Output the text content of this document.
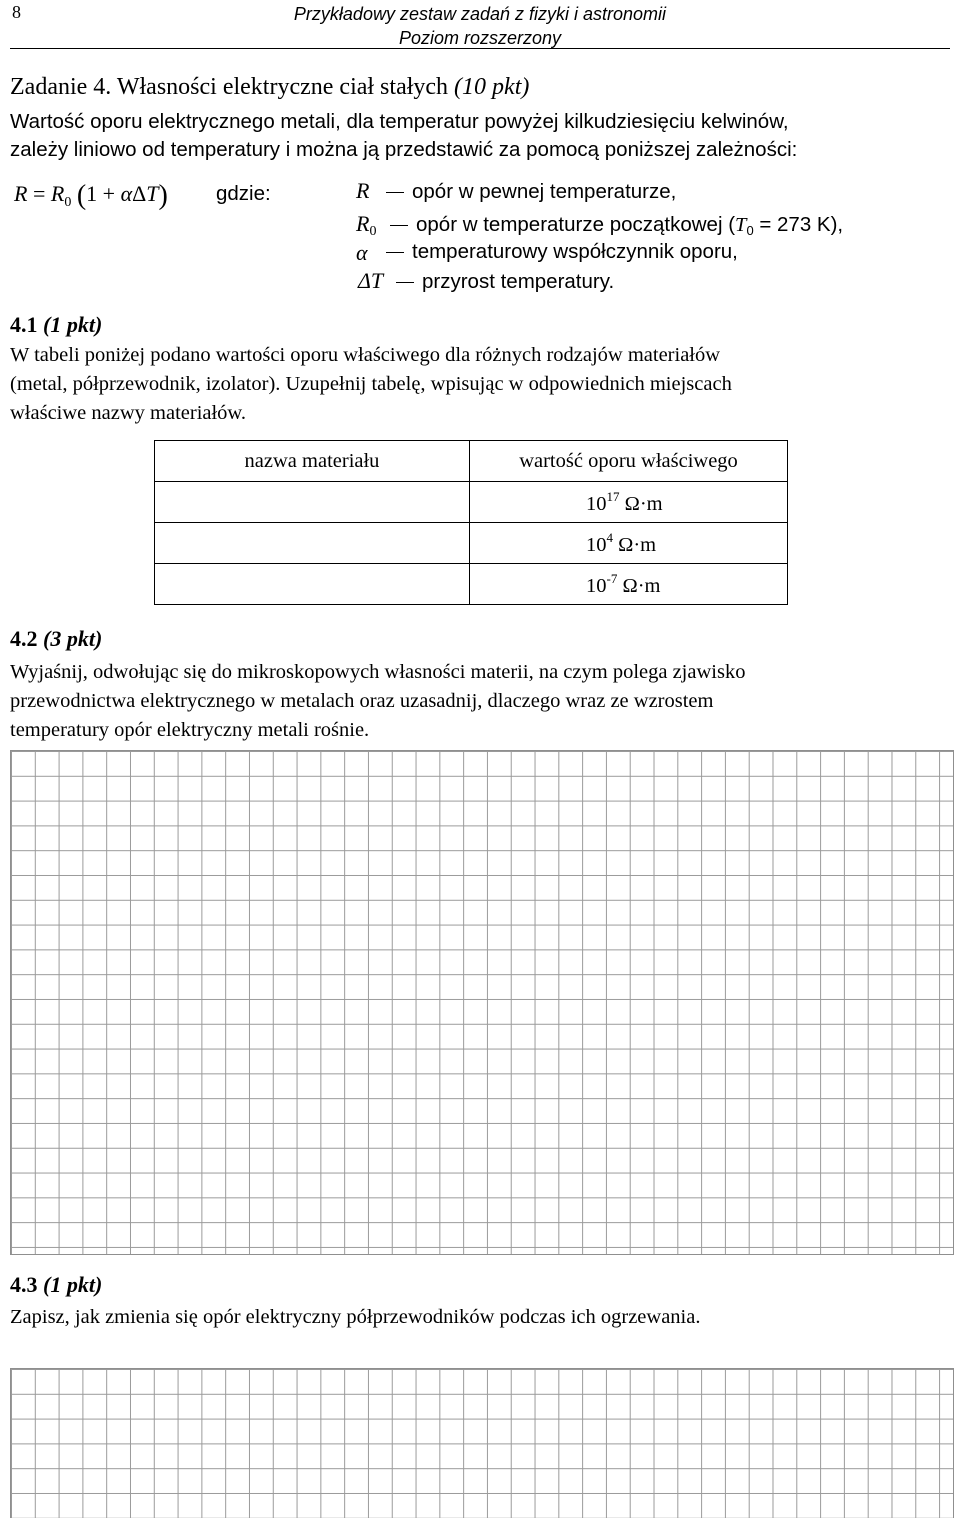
8	Przykładowy zestaw zadań z fizyki i astronomii
Poziom rozszerzony
Zadanie 4. Własności elektryczne ciał stałych (10 pkt)
Wartość oporu elektrycznego metali, dla temperatur powyżej kilkudziesięciu kelwinów,
zależy liniowo od temperatury i można ją przedstawić za pomocą poniższej zależności:
$R = R_0$ (1 + αΔT) gdzie:	R	opór w pewnej temperaturze,
$R_0$	opór w temperaturze początkowej ($T_0 = 273$ K),
α	temperaturowy współczynnik oporu,
ΔT	przyrost temperatury.
4.1 (1 pkt)
W tabeli poniżej podano wartości oporu właściwego dla różnych rodzajów materiałów
(metal, półprzewodnik, izolator). Uzupełnij tabelę, wpisując w odpowiednich miejscach
właściwe nazwy materiałów.
nazwa materiału	wartość oporu właściwego
	$10^{17}$ Ω·m
	$10^4$ Ω·m
	$10^{-7}$ Ω·m
4.2 (3 pkt)
Wyjaśnij, odwołując się do mikroskopowych własności materii, na czym polega zjawisko
przewodnictwa elektrycznego w metalach oraz uzasadnij, dlaczego wraz ze wzrostem
temperatury opór elektryczny metali rośnie.
4.3 (1 pkt)
Zapisz, jak zmienia się opór elektryczny półprzewodników podczas ich ogrzewania.
